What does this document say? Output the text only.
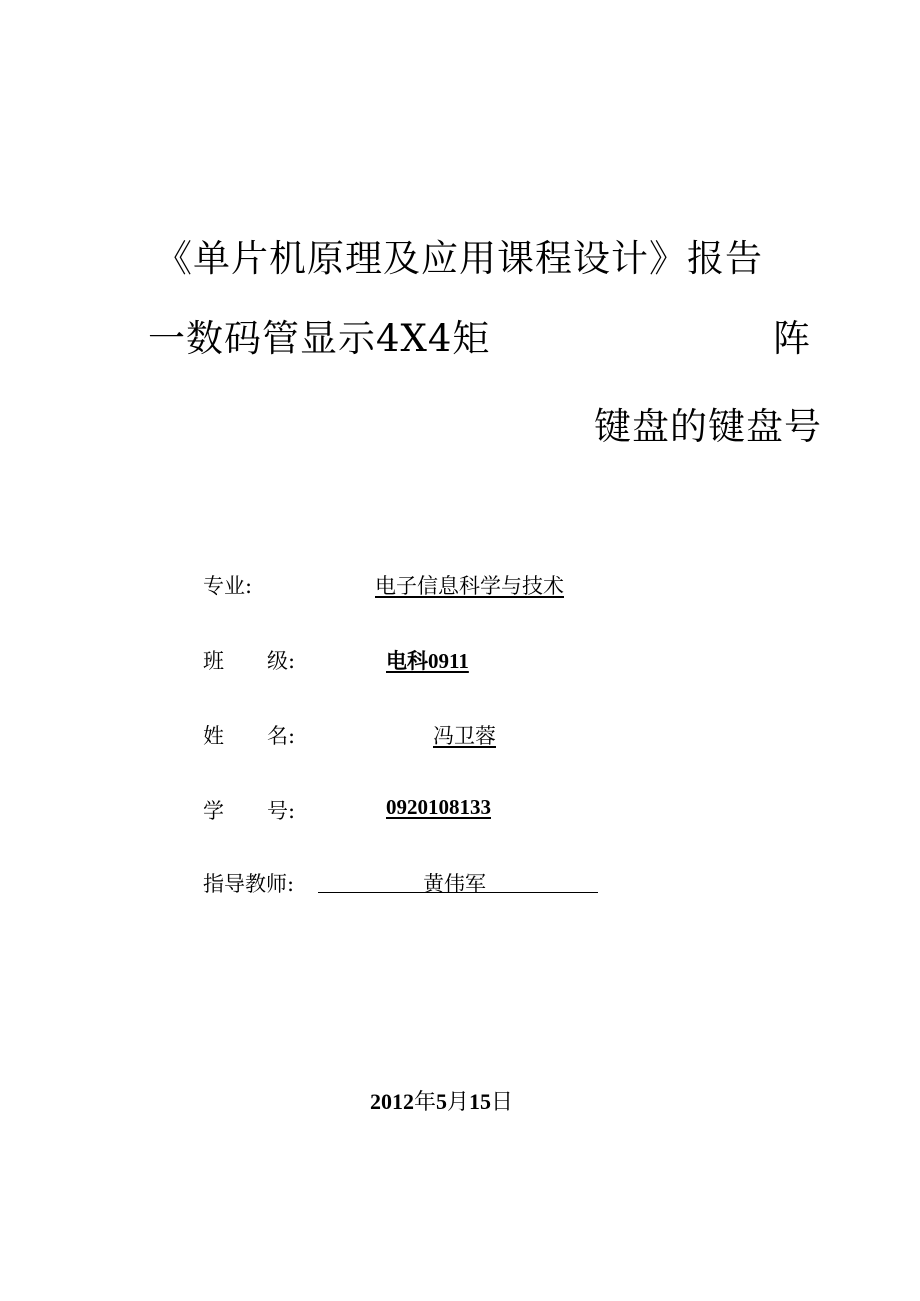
《单片机原理及应用课程设计》报告
一数码管显示4X4矩	阵
键盘的键盘号
专业:	电子信息科学与技术
班 级:	电科0911
姓 名:	冯卫蓉
学 号:	0920108133
指导教师:	黄伟军
2012年5月15日
